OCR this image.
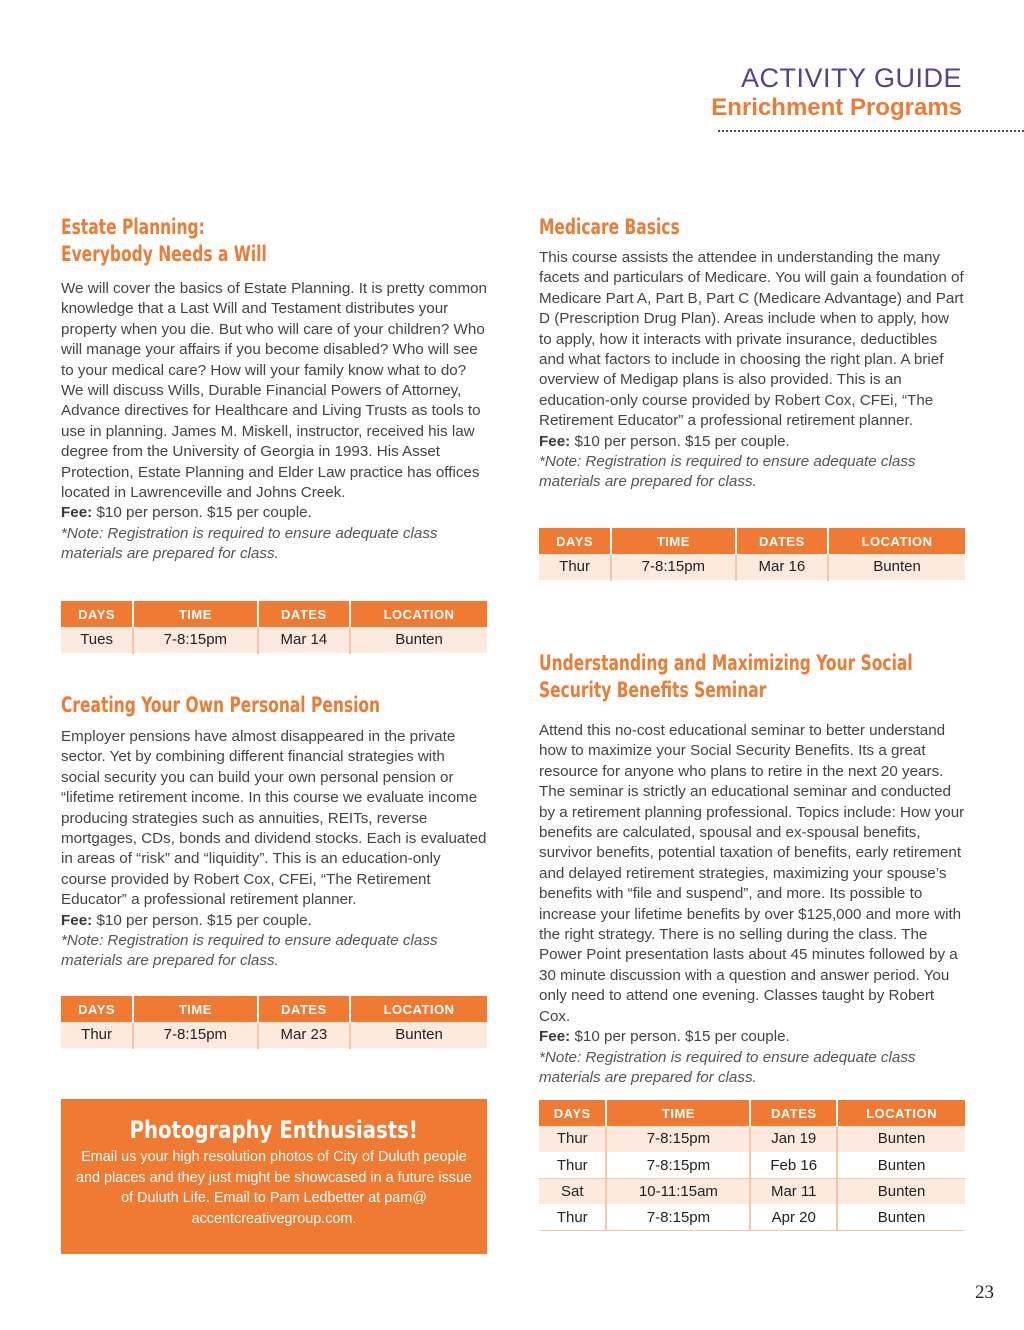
ACTIVITY GUIDE
Enrichment Programs
Estate Planning:
Everybody Needs a Will

We will cover the basics of Estate Planning. It is pretty common knowledge that a Last Will and Testament distributes your property when you die. But who will care of your children? Who will manage your affairs if you become disabled? Who will see to your medical care? How will your family know what to do? We will discuss Wills, Durable Financial Powers of Attorney, Advance directives for Healthcare and Living Trusts as tools to use in planning. James M. Miskell, instructor, received his law degree from the University of Georgia in 1993. His Asset Protection, Estate Planning and Elder Law practice has offices located in Lawrenceville and Johns Creek.

Fee: $10 per person. $15 per couple.

*Note: Registration is required to ensure adequate class materials are prepared for class.

DAYS	TIME	DATES	LOCATION
Tues	7-8:15pm	Mar 14	Bunten
Creating Your Own Personal Pension

Employer pensions have almost disappeared in the private sector. Yet by combining different financial strategies with social security you can build your own personal pension or “lifetime retirement income. In this course we evaluate income producing strategies such as annuities, REITs, reverse mortgages, CDs, bonds and dividend stocks. Each is evaluated in areas of “risk” and “liquidity”. This is an education-only course provided by Robert Cox, CFEi, “The Retirement Educator” a professional retirement planner.

Fee: $10 per person. $15 per couple.

*Note: Registration is required to ensure adequate class materials are prepared for class.

DAYS	TIME	DATES	LOCATION
Thur	7-8:15pm	Mar 23	Bunten
Photography Enthusiasts!

Email us your high resolution photos of City of Duluth people and places and they just might be showcased in a future issue of Duluth Life. Email to Pam Ledbetter at pam@ accentcreativegroup.com.

Medicare Basics

This course assists the attendee in understanding the many facets and particulars of Medicare. You will gain a foundation of Medicare Part A, Part B, Part C (Medicare Advantage) and Part D (Prescription Drug Plan). Areas include when to apply, how to apply, how it interacts with private insurance, deductibles and what factors to include in choosing the right plan. A brief overview of Medigap plans is also provided. This is an education-only course provided by Robert Cox, CFEi, “The Retirement Educator” a professional retirement planner.

Fee: $10 per person. $15 per couple.

*Note: Registration is required to ensure adequate class materials are prepared for class.

DAYS	TIME	DATES	LOCATION
Thur	7-8:15pm	Mar 16	Bunten
Understanding and Maximizing Your Social
Security Benefits Seminar

Attend this no-cost educational seminar to better understand how to maximize your Social Security Benefits. Its a great resource for anyone who plans to retire in the next 20 years. The seminar is strictly an educational seminar and conducted by a retirement planning professional. Topics include: How your benefits are calculated, spousal and ex-spousal benefits, survivor benefits, potential taxation of benefits, early retirement and delayed retirement strategies, maximizing your spouse’s benefits with “file and suspend”, and more. Its possible to increase your lifetime benefits by over $125,000 and more with the right strategy. There is no selling during the class. The Power Point presentation lasts about 45 minutes followed by a 30 minute discussion with a question and answer period. You only need to attend one evening. Classes taught by Robert Cox.

Fee: $10 per person. $15 per couple.

*Note: Registration is required to ensure adequate class materials are prepared for class.

DAYS	TIME	DATES	LOCATION
Thur	7-8:15pm	Jan 19	Bunten
Thur	7-8:15pm	Feb 16	Bunten
Sat	10-11:15am	Mar 11	Bunten
Thur	7-8:15pm	Apr 20	Bunten
23
